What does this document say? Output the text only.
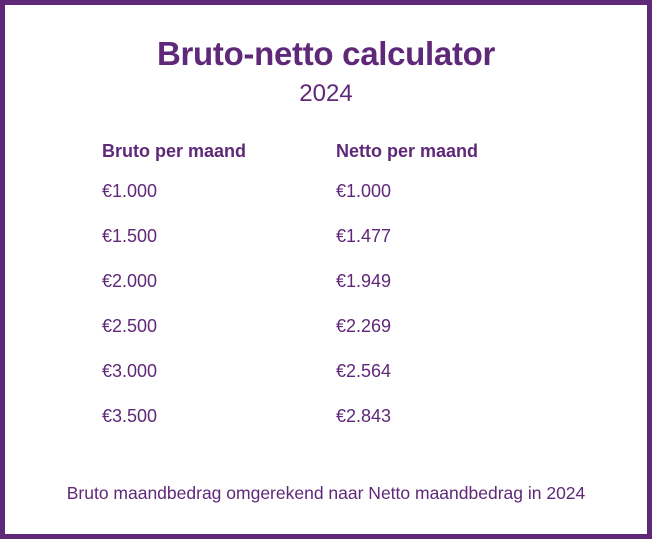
Bruto-netto calculator
2024
Bruto per maand	Netto per maand
€1.000	€1.000
€1.500	€1.477
€2.000	€1.949
€2.500	€2.269
€3.000	€2.564
€3.500	€2.843
Bruto maandbedrag omgerekend naar Netto maandbedrag in 2024
